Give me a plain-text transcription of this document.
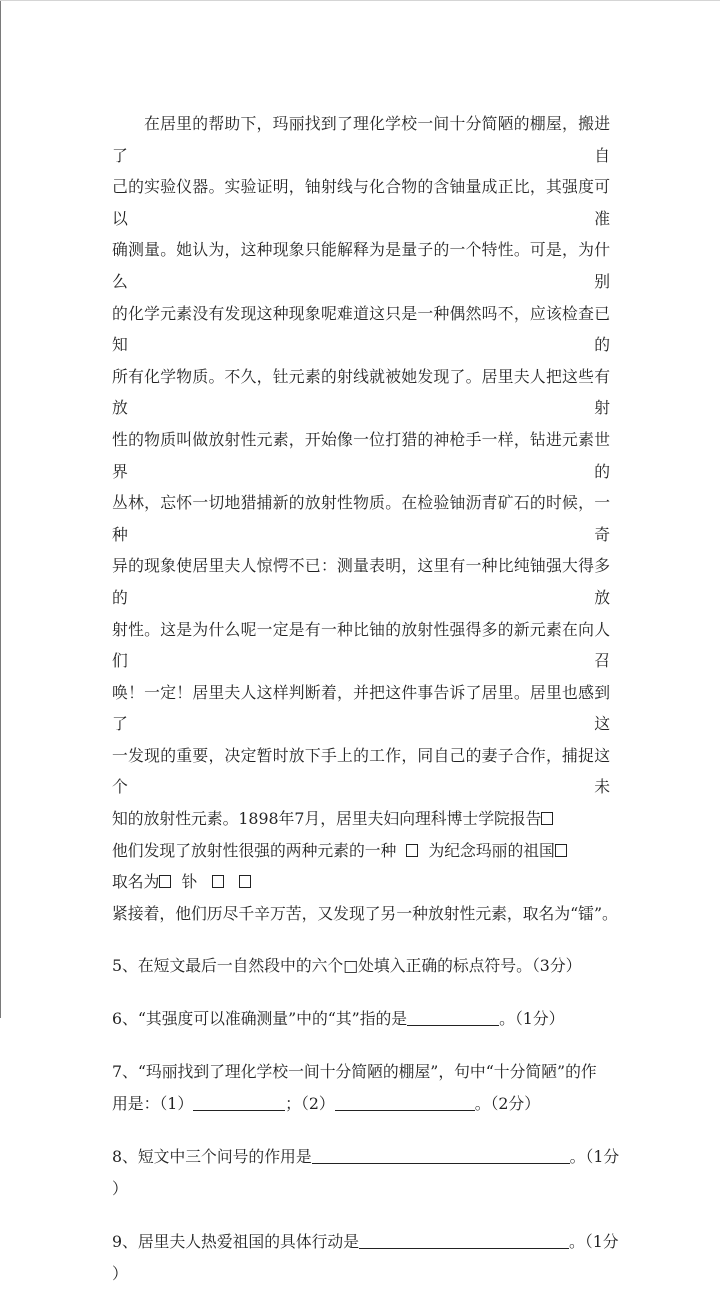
在居里的帮助下，玛丽找到了理化学校一间十分简陋的棚屋，搬进了自

己的实验仪器。实验证明，铀射线与化合物的含铀量成正比，其强度可以准

确测量。她认为，这种现象只能解释为是量子的一个特性。可是，为什么别

的化学元素没有发现这种现象呢难道这只是一种偶然吗不，应该检查已知的

所有化学物质。不久，钍元素的射线就被她发现了。居里夫人把这些有放射

性的物质叫做放射性元素，开始像一位打猎的神枪手一样，钻进元素世界的

丛林，忘怀一切地猎捕新的放射性物质。在检验铀沥青矿石的时候，一种奇

异的现象使居里夫人惊愕不已：测量表明，这里有一种比纯铀强大得多的放

射性。这是为什么呢一定是有一种比铀的放射性强得多的新元素在向人们召

唤！一定！居里夫人这样判断着，并把这件事告诉了居里。居里也感到了这

一发现的重要，决定暂时放下手上的工作，同自己的妻子合作，捕捉这个未

知的放射性元素。1898年7月，居里夫妇向理科博士学院报告

他们发现了放射性很强的两种元素的一种 为纪念玛丽的祖国

取名为 钋

紧接着，他们历尽千辛万苦，又发现了另一种放射性元素，取名为“镭”。

5、在短文最后一自然段中的六个□处填入正确的标点符号。（3分）

6、“其强度可以准确测量”中的“其”指的是	。（1分）

7、“玛丽找到了理化学校一间十分简陋的棚屋”，句中“十分简陋”的作

用是：（1）	；（2）	。（2分）

8、短文中三个问号的作用是	。（1分

）

9、居里夫人热爱祖国的具体行动是	。（1分

）
